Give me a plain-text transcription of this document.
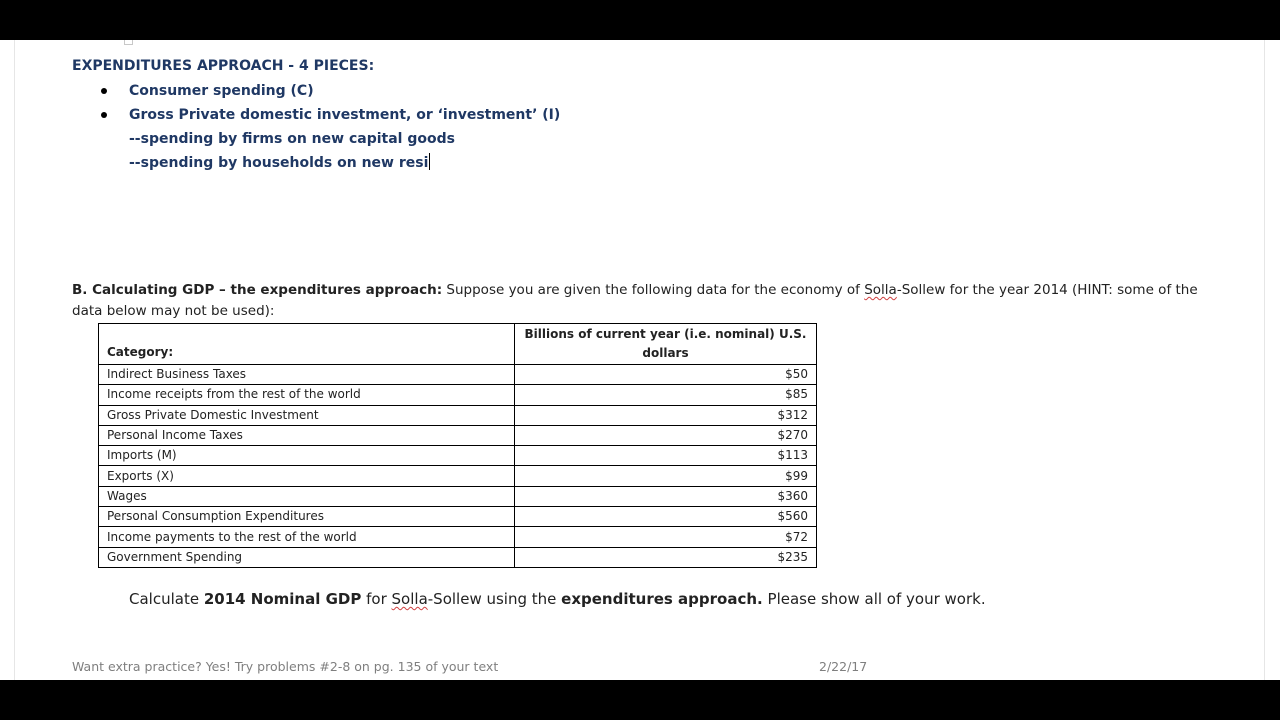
EXPENDITURES APPROACH - 4 PIECES:
Consumer spending (C)
Gross Private domestic investment, or ‘investment’ (I)
--spending by firms on new capital goods
--spending by households on new resi
B. Calculating GDP – the expenditures approach: Suppose you are given the following data for the economy of Solla-Sollew for the year 2014 (HINT: some of the data below may not be used):
Category:	Billions of current year (i.e. nominal) U.S. dollars
Indirect Business Taxes	$50
Income receipts from the rest of the world	$85
Gross Private Domestic Investment	$312
Personal Income Taxes	$270
Imports (M)	$113
Exports (X)	$99
Wages	$360
Personal Consumption Expenditures	$560
Income payments to the rest of the world	$72
Government Spending	$235
Calculate 2014 Nominal GDP for Solla-Sollew using the expenditures approach. Please show all of your work.
Want extra practice? Yes! Try problems #2-8 on pg. 135 of your text	2/22/17
